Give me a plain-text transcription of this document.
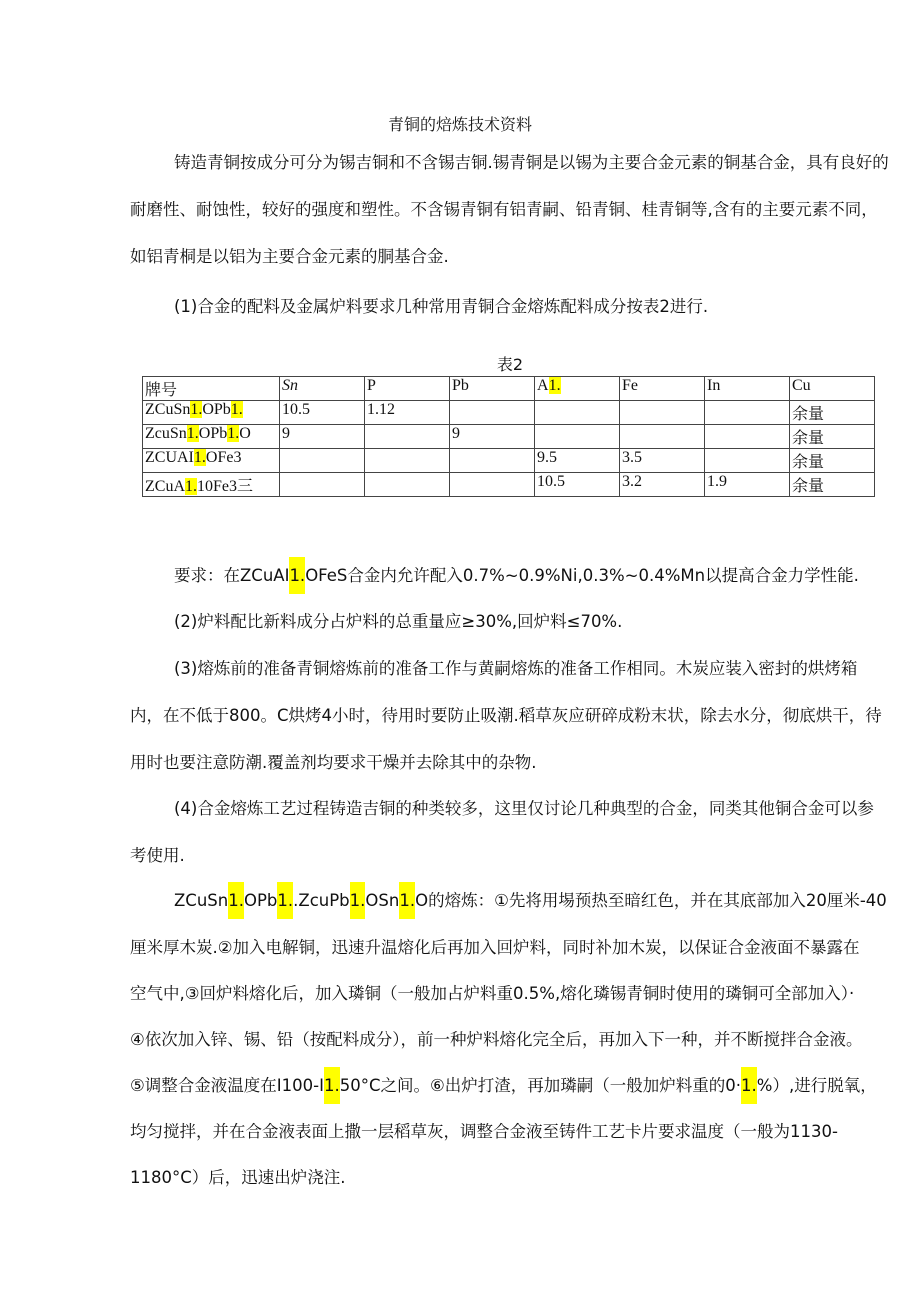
青铜的焙炼技术资料
铸造青铜按成分可分为锡吉铜和不含锡吉铜.锡青铜是以锡为主要合金元素的铜基合金，具有良好的耐磨性、耐蚀性，较好的强度和塑性。不含锡青铜有铝青嗣、铅青铜、桂青铜等,含有的主要元素不同，如铝青桐是以铝为主要合金元素的胴基合金.
(1)合金的配料及金属炉料要求几种常用青铜合金熔炼配料成分按表2进行.
表2
牌号	Sn	P	Pb	A1.	Fe	In	Cu
ZCuSn1.OPb1.	10.5	1.12					余量
ZcuSn1.OPb1.O	9		9				余量
ZCUAI1.OFe3				9.5	3.5		余量
ZCuA1.10Fe3三				10.5	3.2	1.9	余量
要求：在ZCuAI1.OFeS合金内允许配入0.7%~0.9%Ni,0.3%~0.4%Mn以提高合金力学性能.
(2)炉料配比新料成分占炉料的总重量应≥30%,回炉料≤70%.
(3)熔炼前的准备青铜熔炼前的准备工作与黄嗣熔炼的准备工作相同。木炭应装入密封的烘烤箱内，在不低于800。C烘烤4小时，待用时要防止吸潮.稻草灰应研碎成粉末状，除去水分，彻底烘干，待用时也要注意防潮.覆盖剂均要求干燥并去除其中的杂物.
(4)合金熔炼工艺过程铸造吉铜的种类较多，这里仅讨论几种典型的合金，同类其他铜合金可以参考使用.
ZCuSn1.OPb1..ZcuPb1.OSn1.O的熔炼：①先将用埸预热至暗红色，并在其底部加入20厘米-40
厘米厚木炭.②加入电解铜，迅速升温熔化后再加入回炉料，同时补加木炭，以保证合金液面不暴露在
空气中,③回炉料熔化后，加入璘铜（一般加占炉料重0.5%,熔化璘锡青铜时使用的璘铜可全部加入）·
④依次加入锌、锡、铅（按配料成分），前一种炉料熔化完全后，再加入下一种，并不断搅拌合金液。
⑤调整合金液温度在I100-I1.50°C之间。⑥出炉打渣，再加璘嗣（一般加炉料重的0·1.%）,进行脱氧，
均匀搅拌，并在合金液表面上撒一层稻草灰，调整合金液至铸件工艺卡片要求温度（一般为1130-
1180°C）后，迅速出炉浇注.
